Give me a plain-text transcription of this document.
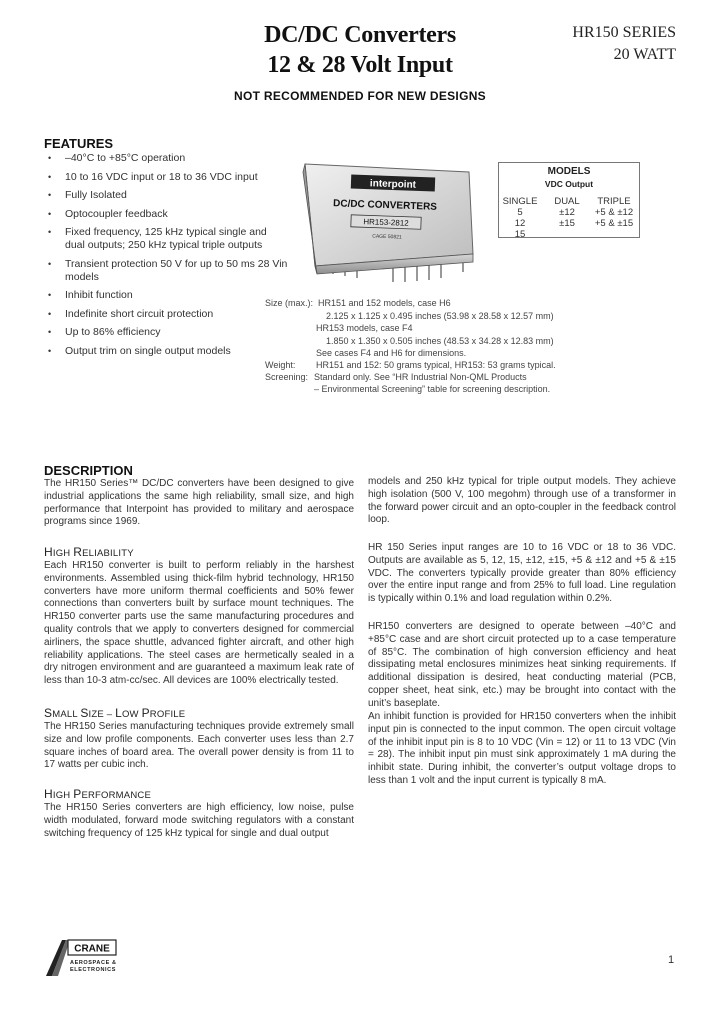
DC/DC Converters
12 & 28 Volt Input
HR150 SERIES
20 WATT
NOT RECOMMENDED FOR NEW DESIGNS
FEATURES
• –40°C to +85°C operation
• 10 to 16 VDC input or 18 to 36 VDC input
• Fully Isolated
• Optocoupler feedback
• Fixed frequency, 125 kHz typical single and dual outputs; 250 kHz typical triple outputs
• Transient protection 50 V for up to 50 ms 28 Vin models
• Inhibit function
• Indefinite short circuit protection
• Up to 86% efficiency
• Output trim on single output models
interpoint
DC/DC CONVERTERS
HR153-2812
CAGE 50821
MODELS
VDC Output
SINGLE
5
12
15
DUAL
±12
±15
TRIPLE
+5 & ±12
+5 & ±15
Size (max.): HR151 and 152 models, case H6
2.125 x 1.125 x 0.495 inches (53.98 x 28.58 x 12.57 mm)
HR153 models, case F4
1.850 x 1.350 x 0.505 inches (48.53 x 34.28 x 12.83 mm)
See cases F4 and H6 for dimensions.
Weight: HR151 and 152: 50 grams typical, HR153: 53 grams typical.
Screening: Standard only. See “HR Industrial Non-QML Products
– Environmental Screening” table for screening description.
DESCRIPTION
The HR150 Series™ DC/DC converters have been designed to give industrial applications the same high reliability, small size, and high performance that Interpoint has provided to military and aerospace programs since 1969.
HIGH RELIABILITY
Each HR150 converter is built to perform reliably in the harshest environments. Assembled using thick-film hybrid technology, HR150 converters have more uniform thermal coefficients and 50% fewer connections than converters built by surface mount techniques. The HR150 converter parts use the same manufacturing procedures and quality controls that we apply to converters designed for commercial airliners, the space shuttle, advanced fighter aircraft, and other high reliability applications. The steel cases are hermetically sealed in a dry nitrogen environment and are guaranteed a maximum leak rate of less than 10-3 atm-cc/sec. All devices are 100% electrically tested.
SMALL SIZE – LOW PROFILE
The HR150 Series manufacturing techniques provide extremely small size and low profile components. Each converter uses less than 2.7 square inches of board area. The overall power density is from 11 to 17 watts per cubic inch.
HIGH PERFORMANCE
The HR150 Series converters are high efficiency, low noise, pulse width modulated, forward mode switching regulators with a constant switching frequency of 125 kHz typical for single and dual output
models and 250 kHz typical for triple output models. They achieve high isolation (500 V, 100 megohm) through use of a transformer in the forward power circuit and an opto-coupler in the feedback control loop.
HR 150 Series input ranges are 10 to 16 VDC or 18 to 36 VDC. Outputs are available as 5, 12, 15, ±12, ±15, +5 & ±12 and +5 & ±15 VDC. The converters typically provide greater than 80% efficiency over the entire input range and from 25% to full load. Line regulation is typically within 0.1% and load regulation within 0.2%.
HR150 converters are designed to operate between –40°C and +85°C case and are short circuit protected up to a case temperature of 85°C. The combination of high conversion efficiency and heat dissipating metal enclosures minimizes heat sinking requirements. If additional dissipation is desired, heat conducting material (PCB, copper sheet, heat sink, etc.) may be brought into contact with the unit’s baseplate.
An inhibit function is provided for HR150 converters when the inhibit input pin is connected to the input common. The open circuit voltage of the inhibit input pin is 8 to 10 VDC (Vin = 12) or 11 to 13 VDC (Vin = 28). The inhibit input pin must sink approximately 1 mA during the inhibit state. During inhibit, the converter’s output voltage drops to less than 1 volt and the input current is typically 8 mA.
CRANE
AEROSPACE &
ELECTRONICS
1
